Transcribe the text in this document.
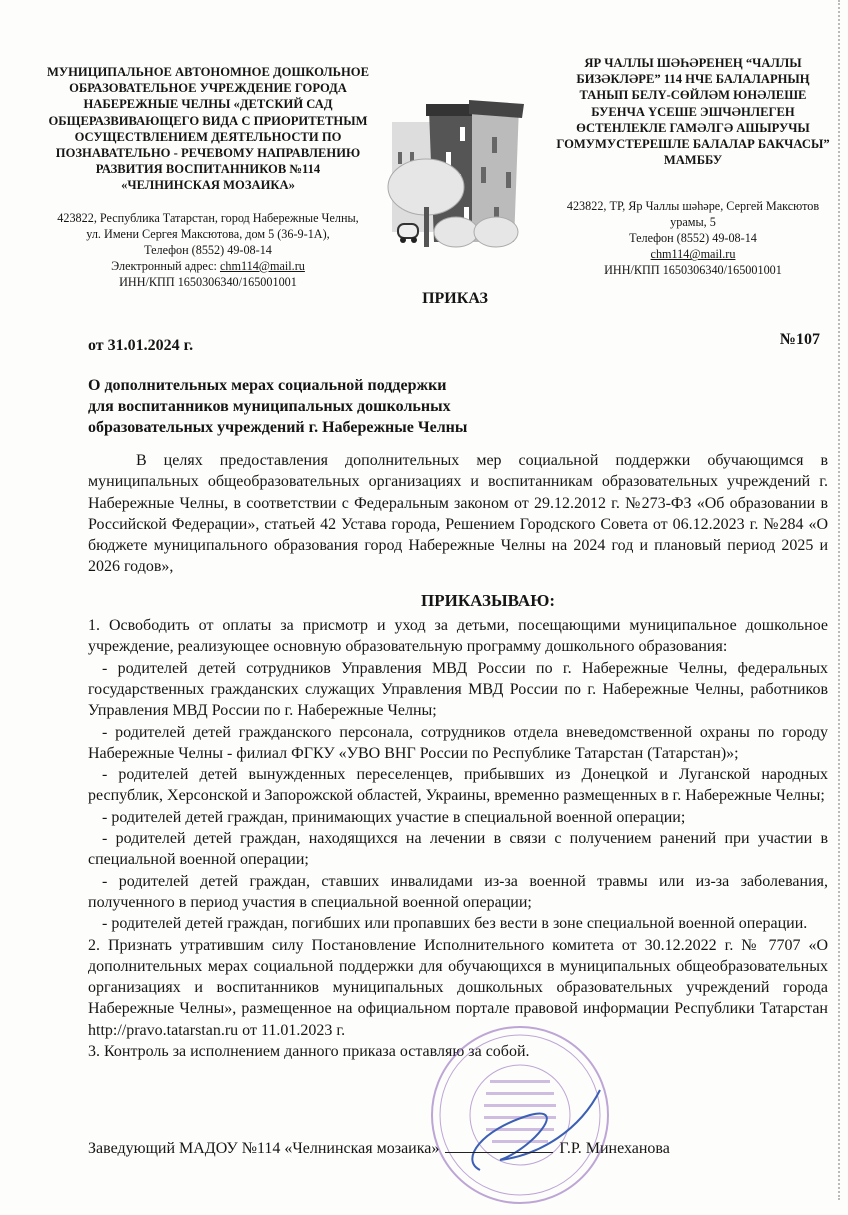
МУНИЦИПАЛЬНОЕ АВТОНОМНОЕ ДОШКОЛЬНОЕ
ОБРАЗОВАТЕЛЬНОЕ УЧРЕЖДЕНИЕ ГОРОДА
НАБЕРЕЖНЫЕ ЧЕЛНЫ «ДЕТСКИЙ САД
ОБЩЕРАЗВИВАЮЩЕГО ВИДА С ПРИОРИТЕТНЫМ
ОСУЩЕСТВЛЕНИЕМ ДЕЯТЕЛЬНОСТИ ПО
ПОЗНАВАТЕЛЬНО - РЕЧЕВОМУ НАПРАВЛЕНИЮ
РАЗВИТИЯ ВОСПИТАННИКОВ №114
«ЧЕЛНИНСКАЯ МОЗАИКА»
423822, Республика Татарстан, город Набережные Челны,
ул. Имени Сергея Максютова, дом 5 (36-9-1А),
Телефон (8552) 49-08-14
Электронный адрес: chm114@mail.ru
ИНН/КПП 1650306340/165001001
ЯР ЧАЛЛЫ ШӘҺӘРЕНЕҢ “ЧАЛЛЫ
БИЗӘКЛӘРЕ” 114 НЧЕ БАЛАЛАРНЫҢ
ТАНЫП БЕЛҮ-СӨЙЛӘМ ЮНӘЛЕШЕ
БУЕНЧА ҮСЕШЕ ЭШЧӘНЛЕГЕН
ӨСТЕНЛЕКЛЕ ГАМӘЛГӘ АШЫРУЧЫ
ГОМУМУСТЕРЕШЛЕ БАЛАЛАР БАКЧАСЫ”
МАМББУ
423822, ТР, Яр Чаллы шәһәре, Сергей Максютов
урамы, 5
Телефон (8552) 49-08-14
chm114@mail.ru
ИНН/КПП 1650306340/165001001
ПРИКАЗ
от 31.01.2024 г.	№107
О дополнительных мерах социальной поддержки
для воспитанников муниципальных дошкольных
образовательных учреждений г. Набережные Челны

В целях предоставления дополнительных мер социальной поддержки обучающимся в муниципальных общеобразовательных организациях и воспитанникам образовательных учреждений г. Набережные Челны, в соответствии с Федеральным законом от 29.12.2012 г. №273-ФЗ «Об образовании в Российской Федерации», статьей 42 Устава города, Решением Городского Совета от 06.12.2023 г. №284 «О бюджете муниципального образования город Набережные Челны на 2024 год и плановый период 2025 и 2026 годов»,

ПРИКАЗЫВАЮ:

1. Освободить от оплаты за присмотр и уход за детьми, посещающими муниципальное дошкольное учреждение, реализующее основную образовательную программу дошкольного образования:

- родителей детей сотрудников Управления МВД России по г. Набережные Челны, федеральных государственных гражданских служащих Управления МВД России по г. Набережные Челны, работников Управления МВД России по г. Набережные Челны;

- родителей детей гражданского персонала, сотрудников отдела вневедомственной охраны по городу Набережные Челны - филиал ФГКУ «УВО ВНГ России по Республике Татарстан (Татарстан)»;

- родителей детей вынужденных переселенцев, прибывших из Донецкой и Луганской народных республик, Херсонской и Запорожской областей, Украины, временно размещенных в г. Набережные Челны;

- родителей детей граждан, принимающих участие в специальной военной операции;

- родителей детей граждан, находящихся на лечении в связи с получением ранений при участии в специальной военной операции;

- родителей детей граждан, ставших инвалидами из-за военной травмы или из-за заболевания, полученного в период участия в специальной военной операции;

- родителей детей граждан, погибших или пропавших без вести в зоне специальной военной операции.

2. Признать утратившим силу Постановление Исполнительного комитета от 30.12.2022 г. № 7707 «О дополнительных мерах социальной поддержки для обучающихся в муниципальных общеобразовательных организациях и воспитанников муниципальных дошкольных образовательных учреждений города Набережные Челны», размещенное на официальном портале правовой информации Республики Татарстан http://pravo.tatarstan.ru от 11.01.2023 г.

3. Контроль за исполнением данного приказа оставляю за собой.

Заведующий МАДОУ №114 «Челнинская мозаика»	Г.Р. Минеханова
